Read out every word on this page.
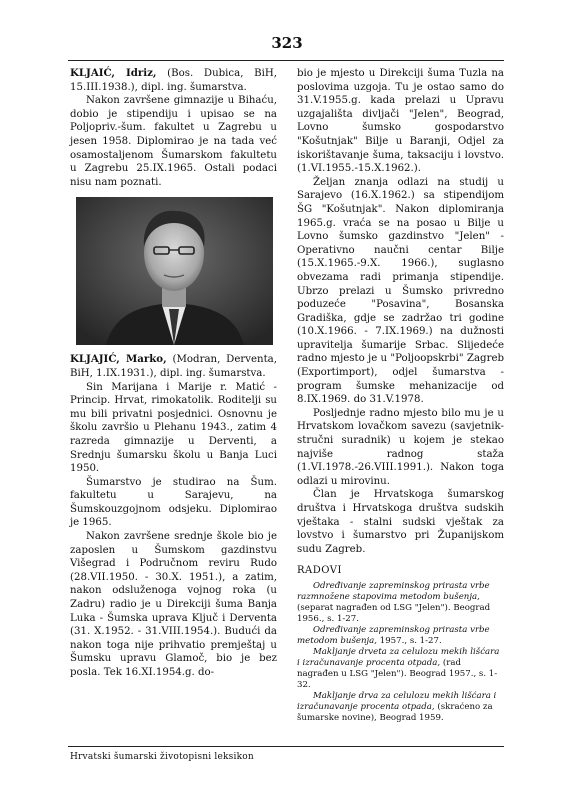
323

KLJAIĆ, Idriz, (Bos. Dubica, BiH, 15.III.1938.), dipl. ing. šumarstva.

Nakon završene gimnazije u Bihaću, dobio je stipendiju i upisao se na Poljopriv.-šum. fakultet u Zagrebu u jesen 1958. Diplomirao je na tada već osamostaljenom Šumarskom fakultetu u Zagrebu 25.IX.1965. Ostali podaci nisu nam poznati.

KLJAJIĆ, Marko, (Modran, Derventa, BiH, 1.IX.1931.), dipl. ing. šumarstva.

Sin Marijana i Marije r. Matić - Princip. Hrvat, rimokatolik. Roditelji su mu bili privatni posjednici. Osnovnu je školu završio u Plehanu 1943., zatim 4 razreda gimnazije u Derventi, a Srednju šumarsku školu u Banja Luci 1950.

Šumarstvo je studirao na Šum. fakultetu u Sarajevu, na Šumskouzgojnom odsjeku. Diplomirao je 1965.

Nakon završene srednje škole bio je zaposlen u Šumskom gazdinstvu Višegrad i Područnom reviru Rudo (28.VII.1950. - 30.X. 1951.), a zatim, nakon odsluženoga vojnog roka (u Zadru) radio je u Direkciji šuma Banja Luka - Šumska uprava Ključ i Derventa (31. X.1952. - 31.VIII.1954.). Budući da nakon toga nije prihvatio premještaj u Šumsku upravu Glamoč, bio je bez posla. Tek 16.XI.1954.g. do-

bio je mjesto u Direkciji šuma Tuzla na poslovima uzgoja. Tu je ostao samo do 31.V.1955.g. kada prelazi u Upravu uzgajališta divljači "Jelen", Beograd, Lovno šumsko gospodarstvo "Košutnjak" Bilje u Baranji, Odjel za iskorištavanje šuma, taksaciju i lovstvo. (1.VI.1955.-15.X.1962.).

Željan znanja odlazi na studij u Sarajevo (16.X.1962.) sa stipendijom ŠG "Košutnjak". Nakon diplomiranja 1965.g. vraća se na posao u Bilje u Lovno šumsko gazdinstvo "Jelen" - Operativno naučni centar Bilje (15.X.1965.-9.X. 1966.), suglasno obvezama radi primanja stipendije. Ubrzo prelazi u Šumsko privredno poduzeće "Posavina", Bosanska Gradiška, gdje se zadržao tri godine (10.X.1966. - 7.IX.1969.) na dužnosti upravitelja šumarije Srbac. Slijedeće radno mjesto je u "Poljoopskrbi" Zagreb (Exportimport), odjel šumarstva - program šumske mehanizacije od 8.IX.1969. do 31.V.1978.

Posljednje radno mjesto bilo mu je u Hrvatskom lovačkom savezu (savjetnik-stručni suradnik) u kojem je stekao najviše radnog staža (1.VI.1978.-26.VIII.1991.). Nakon toga odlazi u mirovinu.

Član je Hrvatskoga šumarskog društva i Hrvatskoga društva sudskih vještaka - stalni sudski vještak za lovstvo i šumarstvo pri Županijskom sudu Zagreb.

RADOVI

Određivanje zapreminskog prirasta vrbe razmnožene stapovima metodom bušenja, (separat nagrađen od LSG "Jelen"). Beograd 1956., s. 1-27.

Određivanje zapreminskog prirasta vrbe metodom bušenja, 1957., s. 1-27.

Makljanje drveta za celulozu mekih lišćara i izračunavanje procenta otpada, (rad nagrađen u LSG "Jelen"). Beograd 1957., s. 1-32.

Makljanje drva za celulozu mekih lišćara i izračunavanje procenta otpada, (skraćeno za šumarske novine), Beograd 1959.

Hrvatski šumarski životopisni leksikon
